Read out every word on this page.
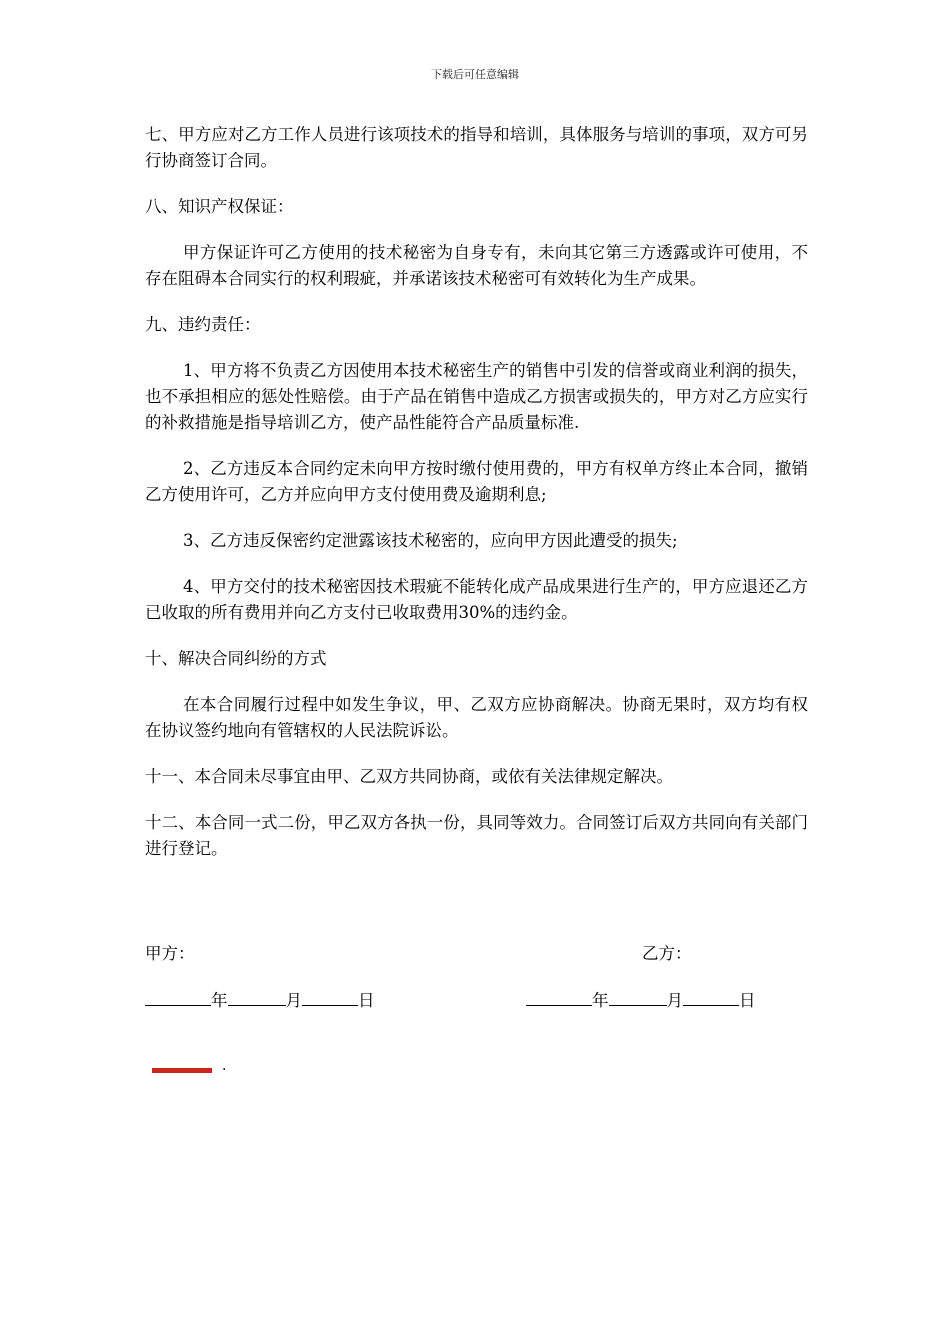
下载后可任意编辑

七、甲方应对乙方工作人员进行该项技术的指导和培训，具体服务与培训的事项，双方可另行协商签订合同。

八、知识产权保证：

甲方保证许可乙方使用的技术秘密为自身专有，未向其它第三方透露或许可使用，不存在阻碍本合同实行的权利瑕疵，并承诺该技术秘密可有效转化为生产成果。

九、违约责任：

1、甲方将不负责乙方因使用本技术秘密生产的销售中引发的信誉或商业利润的损失，也不承担相应的惩处性赔偿。由于产品在销售中造成乙方损害或损失的，甲方对乙方应实行的补救措施是指导培训乙方，使产品性能符合产品质量标准.

2、乙方违反本合同约定未向甲方按时缴付使用费的，甲方有权单方终止本合同，撤销乙方使用许可，乙方并应向甲方支付使用费及逾期利息;

3、乙方违反保密约定泄露该技术秘密的，应向甲方因此遭受的损失;

4、甲方交付的技术秘密因技术瑕疵不能转化成产品成果进行生产的，甲方应退还乙方已收取的所有费用并向乙方支付已收取费用30%的违约金。

十、解决合同纠纷的方式

在本合同履行过程中如发生争议，甲、乙双方应协商解决。协商无果时，双方均有权在协议签约地向有管辖权的人民法院诉讼。

十一、本合同未尽事宜由甲、乙双方共同协商，或依有关法律规定解决。

十二、本合同一式二份，甲乙双方各执一份，具同等效力。合同签订后双方共同向有关部门进行登记。

甲方：	乙方：
年	月	日	年	月	日
.
